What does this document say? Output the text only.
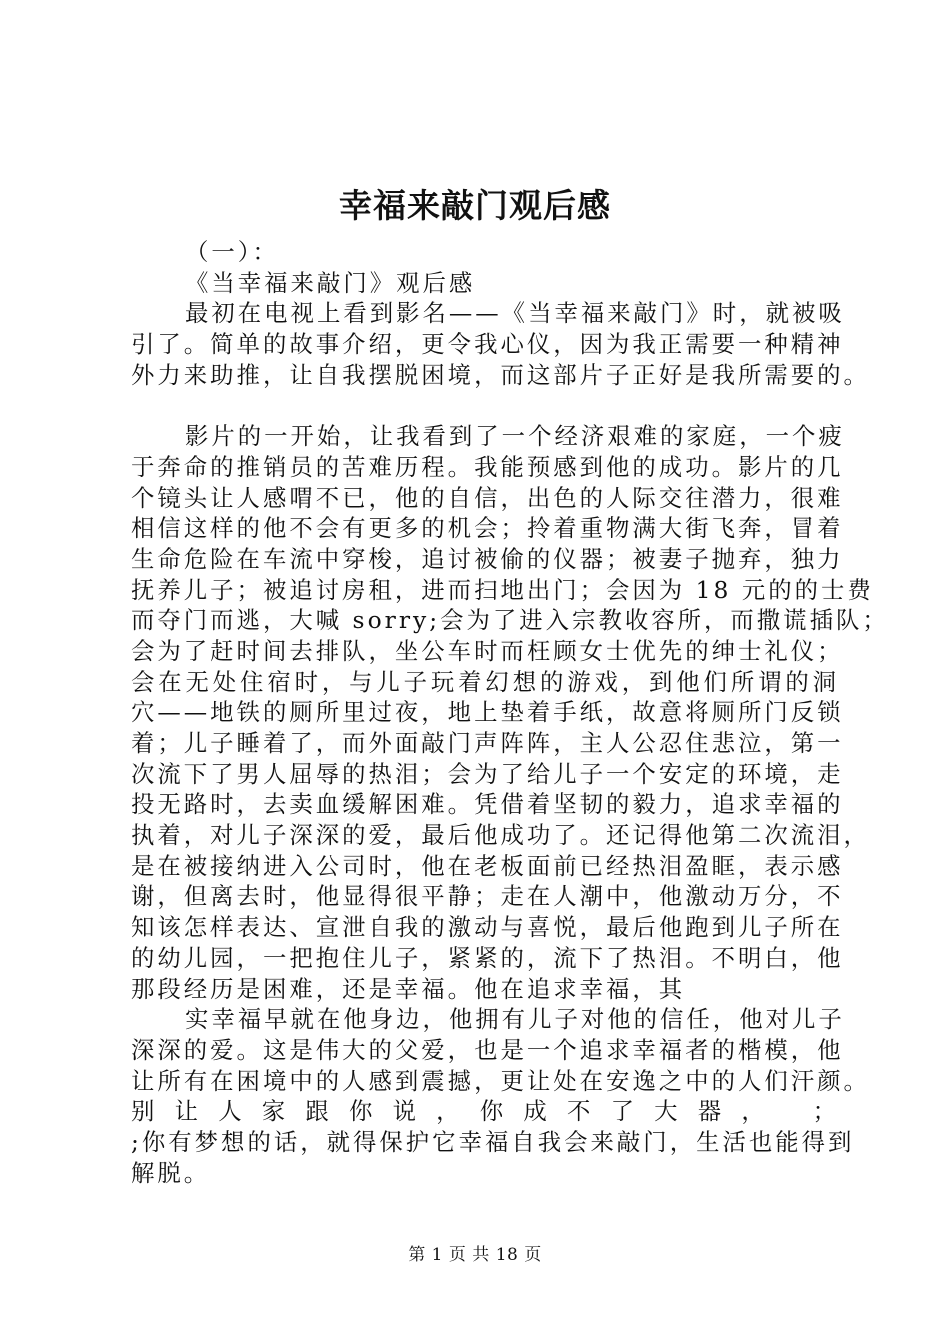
幸福来敲门观后感
（一）：
《当幸福来敲门》观后感
最初在电视上看到影名——《当幸福来敲门》时，就被吸
引了。简单的故事介绍，更令我心仪，因为我正需要一种精神
外力来助推，让自我摆脱困境，而这部片子正好是我所需要的。
影片的一开始，让我看到了一个经济艰难的家庭，一个疲
于奔命的推销员的苦难历程。我能预感到他的成功。影片的几
个镜头让人感喟不已，他的自信，出色的人际交往潜力，很难
相信这样的他不会有更多的机会；拎着重物满大街飞奔，冒着
生命危险在车流中穿梭，追讨被偷的仪器；被妻子抛弃，独力
抚养儿子；被追讨房租，进而扫地出门；会因为 18 元的的士费
而夺门而逃，大喊 sorry;会为了进入宗教收容所，而撒谎插队；
会为了赶时间去排队，坐公车时而枉顾女士优先的绅士礼仪；
会在无处住宿时，与儿子玩着幻想的游戏，到他们所谓的洞
穴——地铁的厕所里过夜，地上垫着手纸，故意将厕所门反锁
着；儿子睡着了，而外面敲门声阵阵，主人公忍住悲泣，第一
次流下了男人屈辱的热泪；会为了给儿子一个安定的环境，走
投无路时，去卖血缓解困难。凭借着坚韧的毅力，追求幸福的
执着，对儿子深深的爱，最后他成功了。还记得他第二次流泪，
是在被接纳进入公司时，他在老板面前已经热泪盈眶，表示感
谢，但离去时，他显得很平静；走在人潮中，他激动万分，不
知该怎样表达、宣泄自我的激动与喜悦，最后他跑到儿子所在
的幼儿园，一把抱住儿子，紧紧的，流下了热泪。不明白，他
那段经历是困难，还是幸福。他在追求幸福，其
实幸福早就在他身边，他拥有儿子对他的信任，他对儿子
深深的爱。这是伟大的父爱，也是一个追求幸福者的楷模，他
让所有在困境中的人感到震撼，更让处在安逸之中的人们汗颜。
别让人家跟你说，你成不了大器， ；
;你有梦想的话，就得保护它幸福自我会来敲门，生活也能得到
解脱。
第 1 页 共 18 页
